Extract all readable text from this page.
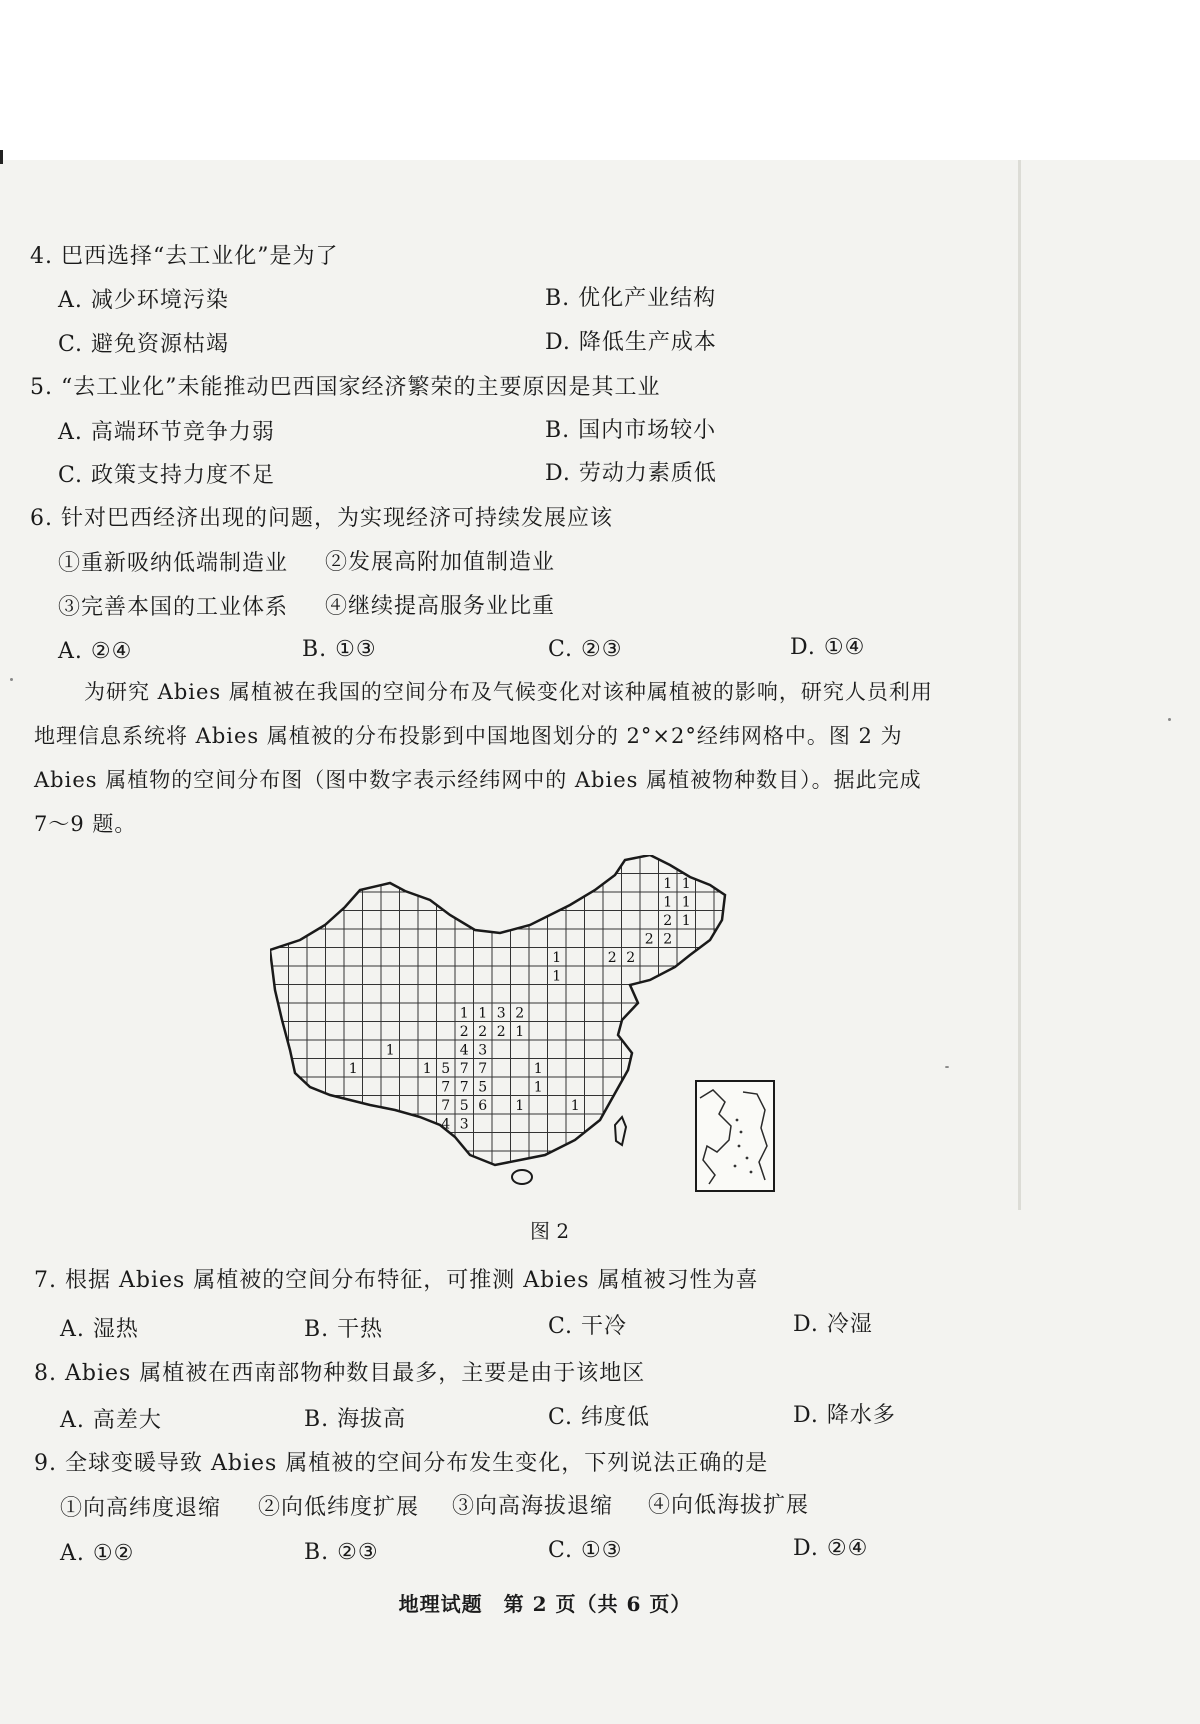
4. 巴西选择“去工业化”是为了
A. 减少环境污染	B. 优化产业结构
C. 避免资源枯竭	D. 降低生产成本
5. “去工业化”未能推动巴西国家经济繁荣的主要原因是其工业
A. 高端环节竞争力弱	B. 国内市场较小
C. 政策支持力度不足	D. 劳动力素质低
6. 针对巴西经济出现的问题，为实现经济可持续发展应该
①重新吸纳低端制造业 ②发展高附加值制造业
③完善本国的工业体系 ④继续提高服务业比重
A. ②④	B. ①③	C. ②③	D. ①④
为研究 Abies 属植被在我国的空间分布及气候变化对该种属植被的影响，研究人员利用
地理信息系统将 Abies 属植被的分布投影到中国地图划分的 2°×2°经纬网格中。图 2 为
Abies 属植物的空间分布图（图中数字表示经纬网中的 Abies 属植被物种数目）。据此完成
7～9 题。
1 1
1 1
2 1
2 2
2 2
1
1
1 1 3 2
2 2 2 1
1	4 3
1	1 5 7 7	1
7 7 5	1
7 5 6 1	1
4 3
图 2
7. 根据 Abies 属植被的空间分布特征，可推测 Abies 属植被习性为喜
A. 湿热	B. 干热	C. 干冷	D. 冷湿
8. Abies 属植被在西南部物种数目最多，主要是由于该地区
A. 高差大	B. 海拔高	C. 纬度低	D. 降水多
9. 全球变暖导致 Abies 属植被的空间分布发生变化，下列说法正确的是
①向高纬度退缩 ②向低纬度扩展 ③向高海拔退缩 ④向低海拔扩展
A. ①②	B. ②③	C. ①③	D. ②④
地理试题　第 2 页（共 6 页）
